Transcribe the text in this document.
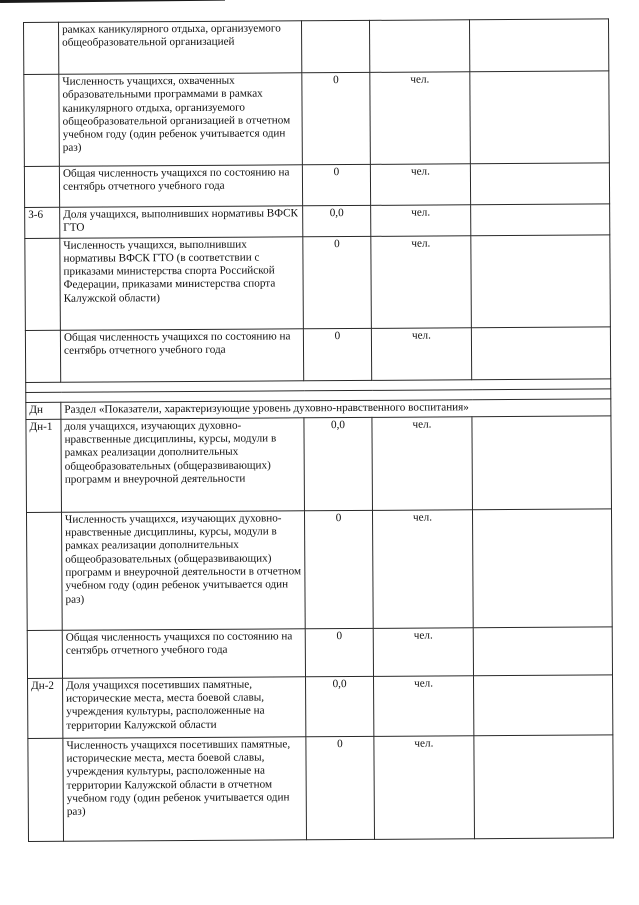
	рамках каникулярного отдыха, организуемого общеобразовательной организацией			
	Численность учащихся, охваченных образовательными программами в рамках каникулярного отдыха, организуемого общеобразовательной организацией в отчетном учебном году (один ребенок учитывается один раз)	0	чел.	
	Общая численность учащихся по состоянию на сентябрь отчетного учебного года	0	чел.	
З-6	Доля учащихся, выполнивших нормативы ВФСК ГТО	0,0	чел.	
	Численность учащихся, выполнивших нормативы ВФСК ГТО (в соответствии с приказами министерства спорта Российской Федерации, приказами министерства спорта Калужской области)	0	чел.	
	Общая численность учащихся по состоянию на сентябрь отчетного учебного года	0	чел.	

Дн	Раздел «Показатели, характеризующие уровень духовно-нравственного воспитания»			
Дн-1	доля учащихся, изучающих духовно-нравственные дисциплины, курсы, модули в рамках реализации дополнительных общеобразовательных (общеразвивающих) программ и внеурочной деятельности	0,0	чел.	
	Численность учащихся, изучающих духовно-нравственные дисциплины, курсы, модули в рамках реализации дополнительных общеобразовательных (общеразвивающих) программ и внеурочной деятельности в отчетном учебном году (один ребенок учитывается один раз)	0	чел.	
	Общая численность учащихся по состоянию на сентябрь отчетного учебного года	0	чел.	
Дн-2	Доля учащихся посетивших памятные, исторические места, места боевой славы, учреждения культуры, расположенные на территории Калужской области	0,0	чел.	
	Численность учащихся посетивших памятные, исторические места, места боевой славы, учреждения культуры, расположенные на территории Калужской области в отчетном учебном году (один ребенок учитывается один раз)	0	чел.	
